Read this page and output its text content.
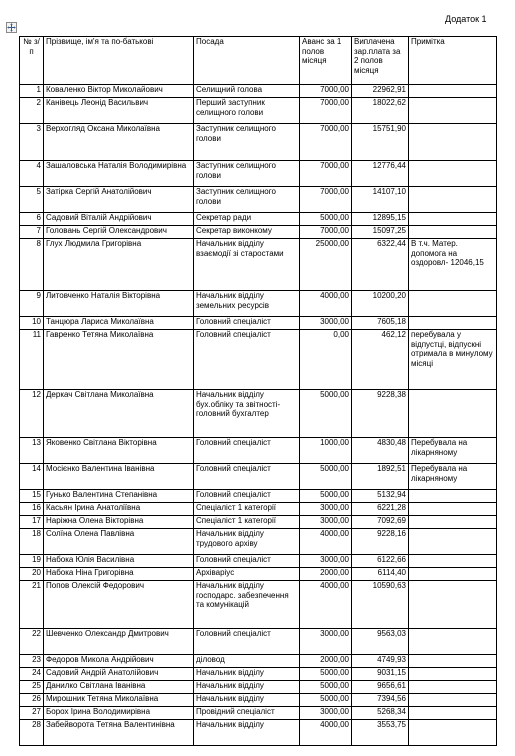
Додаток 1
№ з/п	Прізвище, ім'я та по-батькові	Посада	Аванс за 1 полов місяця	Виплачена зар.плата за 2 полов місяця	Примітка
1	Коваленко Віктор Миколайович	Селищний голова	7000,00	22962,91	
2	Канівець Леонід Васильвич	Перший заступник селищного голови	7000,00	18022,62	
3	Верхогляд Оксана Миколаївна	Заступник селищного голови	7000,00	15751,90	
4	Зашаловська Наталія Володимирівна	Заступник селищного голови	7000,00	12776,44	
5	Затірка Сергій Анатолійович	Заступник селищного голови	7000,00	14107,10	
6	Садовий Віталій Андрійович	Секретар ради	5000,00	12895,15	
7	Головань Сергій Олександрович	Секретар виконкому	7000,00	15097,25	
8	Глух Людмила Григорівна	Начальник відділу взаємодії зі старостами	25000,00	6322,44	В т.ч. Матер. допомога на оздоровл- 12046,15
9	Литовченко Наталія Вікторівна	Начальник відділу земельних ресурсів	4000,00	10200,20	
10	Танцюра Лариса Миколаївна	Головний спеціаліст	3000,00	7605,18	
11	Гавренко Тетяна Миколаївна	Головний спеціаліст	0,00	462,12	перебувала у відпустці, відпускні отримала в минулому місяці
12	Деркач Світлана Миколаївна	Начальник відділу бух.обліку та звітності-головний бухгалтер	5000,00	9228,38	
13	Яковенко Світлана Вікторівна	Головний спеціаліст	1000,00	4830,48	Перебувала на лікарняному
14	Мосієнко Валентина Іванівна	Головний спеціаліст	5000,00	1892,51	Перебувала на лікарняному
15	Гунько Валентина Степанівна	Головний спеціаліст	5000,00	5132,94	
16	Касьян Ірина Анатоліївна	Спеціаліст 1 категорії	3000,00	6221,28	
17	Наріжна Олена Вікторівна	Спеціаліст 1 категорії	3000,00	7092,69	
18	Солїна Олена Павлівна	Начальник відділу трудового архіву	4000,00	9228,16	
19	Набока Юлія Василівна	Головний спеціаліст	3000,00	6122,66	
20	Набока Ніна Григорівна	Архіваріус	2000,00	6114,40	
21	Попов Олексій Федорович	Начальник відділу господарс. забезпечення та комунікацій	4000,00	10590,63	
22	Шевченко Олександр Дмитрович	Головний спеціаліст	3000,00	9563,03	
23	Федоров Микола Андрійович	діловод	2000,00	4749,93	
24	Садовий Андрій Анатолійович	Начальник відділу	5000,00	9031,15	
25	Данилко Світлана Іванівна	Начальник відділу	5000,00	9656,61	
26	Мирошник Тетяна Миколаївна	Начальник відділу	5000,00	7394,56	
27	Борох Ірина Володимирівна	Провідний спеціаліст	3000,00	5268,34	
28	Забейворота Тетяна Валентинівна	Начальник відділу	4000,00	3553,75	
